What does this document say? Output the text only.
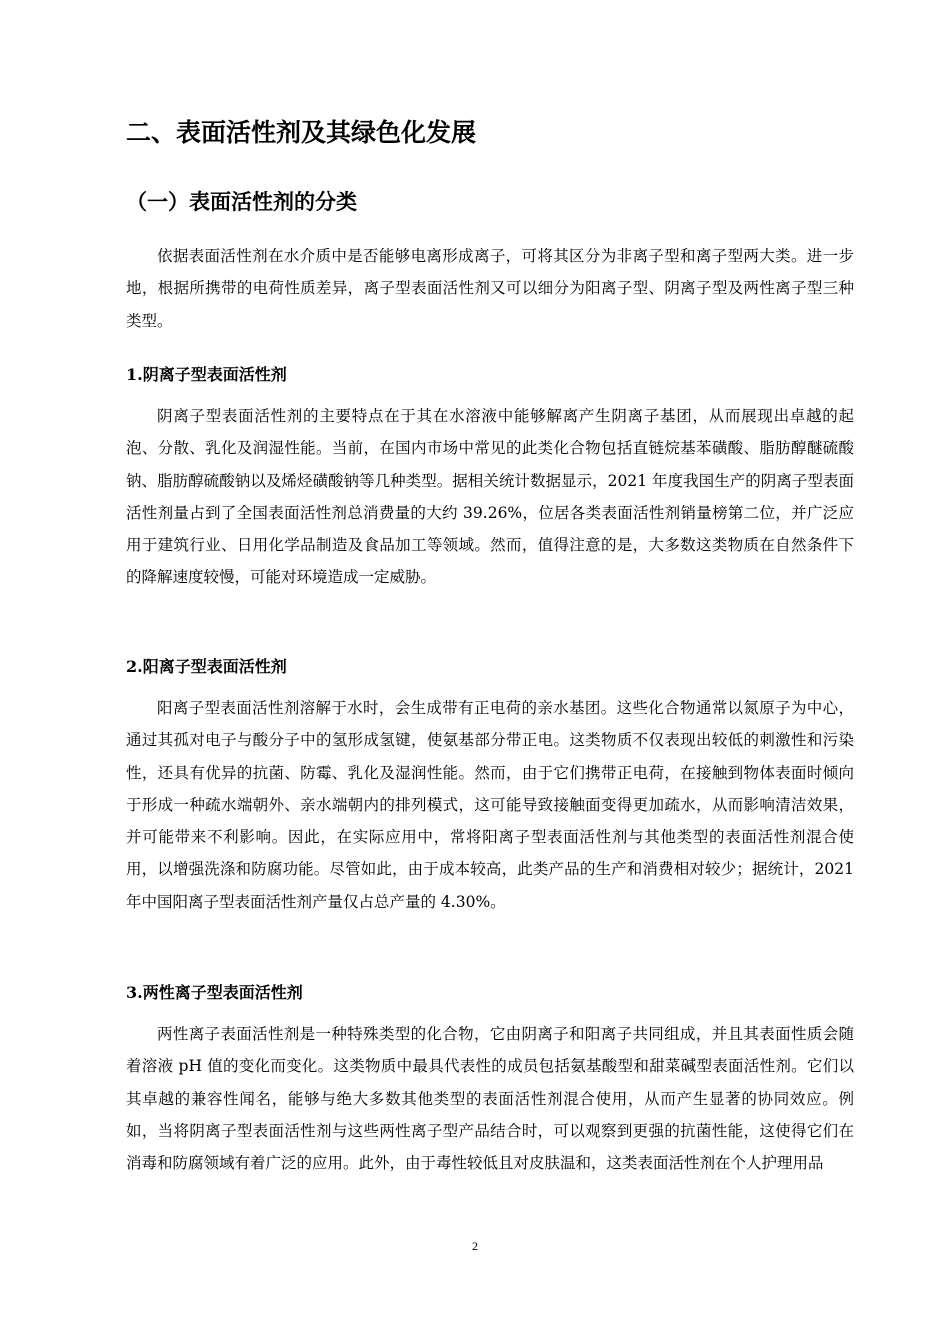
二、表面活性剂及其绿色化发展
（一）表面活性剂的分类

依据表面活性剂在水介质中是否能够电离形成离子，可将其区分为非离子型和离子型两大类。进一步地，根据所携带的电荷性质差异，离子型表面活性剂又可以细分为阳离子型、阴离子型及两性离子型三种类型。

1.阴离子型表面活性剂

阴离子型表面活性剂的主要特点在于其在水溶液中能够解离产生阴离子基团，从而展现出卓越的起泡、分散、乳化及润湿性能。当前，在国内市场中常见的此类化合物包括直链烷基苯磺酸、脂肪醇醚硫酸钠、脂肪醇硫酸钠以及烯烃磺酸钠等几种类型。据相关统计数据显示，2021 年度我国生产的阴离子型表面活性剂量占到了全国表面活性剂总消费量的大约 39.26%，位居各类表面活性剂销量榜第二位，并广泛应用于建筑行业、日用化学品制造及食品加工等领域。然而，值得注意的是，大多数这类物质在自然条件下的降解速度较慢，可能对环境造成一定威胁。

2.阳离子型表面活性剂

阳离子型表面活性剂溶解于水时，会生成带有正电荷的亲水基团。这些化合物通常以氮原子为中心，通过其孤对电子与酸分子中的氢形成氢键，使氨基部分带正电。这类物质不仅表现出较低的刺激性和污染性，还具有优异的抗菌、防霉、乳化及湿润性能。然而，由于它们携带正电荷，在接触到物体表面时倾向于形成一种疏水端朝外、亲水端朝内的排列模式，这可能导致接触面变得更加疏水，从而影响清洁效果，并可能带来不利影响。因此，在实际应用中，常将阳离子型表面活性剂与其他类型的表面活性剂混合使用，以增强洗涤和防腐功能。尽管如此，由于成本较高，此类产品的生产和消费相对较少；据统计，2021 年中国阳离子型表面活性剂产量仅占总产量的 4.30%。

3.两性离子型表面活性剂

两性离子表面活性剂是一种特殊类型的化合物，它由阴离子和阳离子共同组成，并且其表面性质会随着溶液 pH 值的变化而变化。这类物质中最具代表性的成员包括氨基酸型和甜菜碱型表面活性剂。它们以其卓越的兼容性闻名，能够与绝大多数其他类型的表面活性剂混合使用，从而产生显著的协同效应。例如，当将阴离子型表面活性剂与这些两性离子型产品结合时，可以观察到更强的抗菌性能，这使得它们在消毒和防腐领域有着广泛的应用。此外，由于毒性较低且对皮肤温和，这类表面活性剂在个人护理用品

2
